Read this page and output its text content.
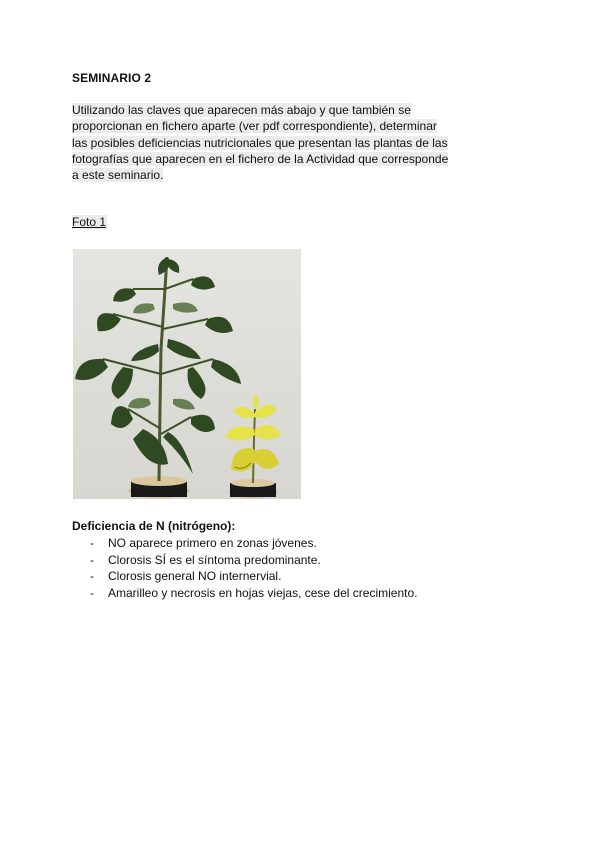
SEMINARIO 2
Utilizando las claves que aparecen más abajo y que también se
proporcionan en fichero aparte (ver pdf correspondiente), determinar
las posibles deficiencias nutricionales que presentan las plantas de las
fotografías que aparecen en el fichero de la Actividad que corresponde
a este seminario.
Foto 1
Deficiencia de N (nitrógeno):
- NO aparece primero en zonas jóvenes.
- Clorosis SÍ es el síntoma predominante.
- Clorosis general NO internervial.
- Amarilleo y necrosis en hojas viejas, cese del crecimiento.
